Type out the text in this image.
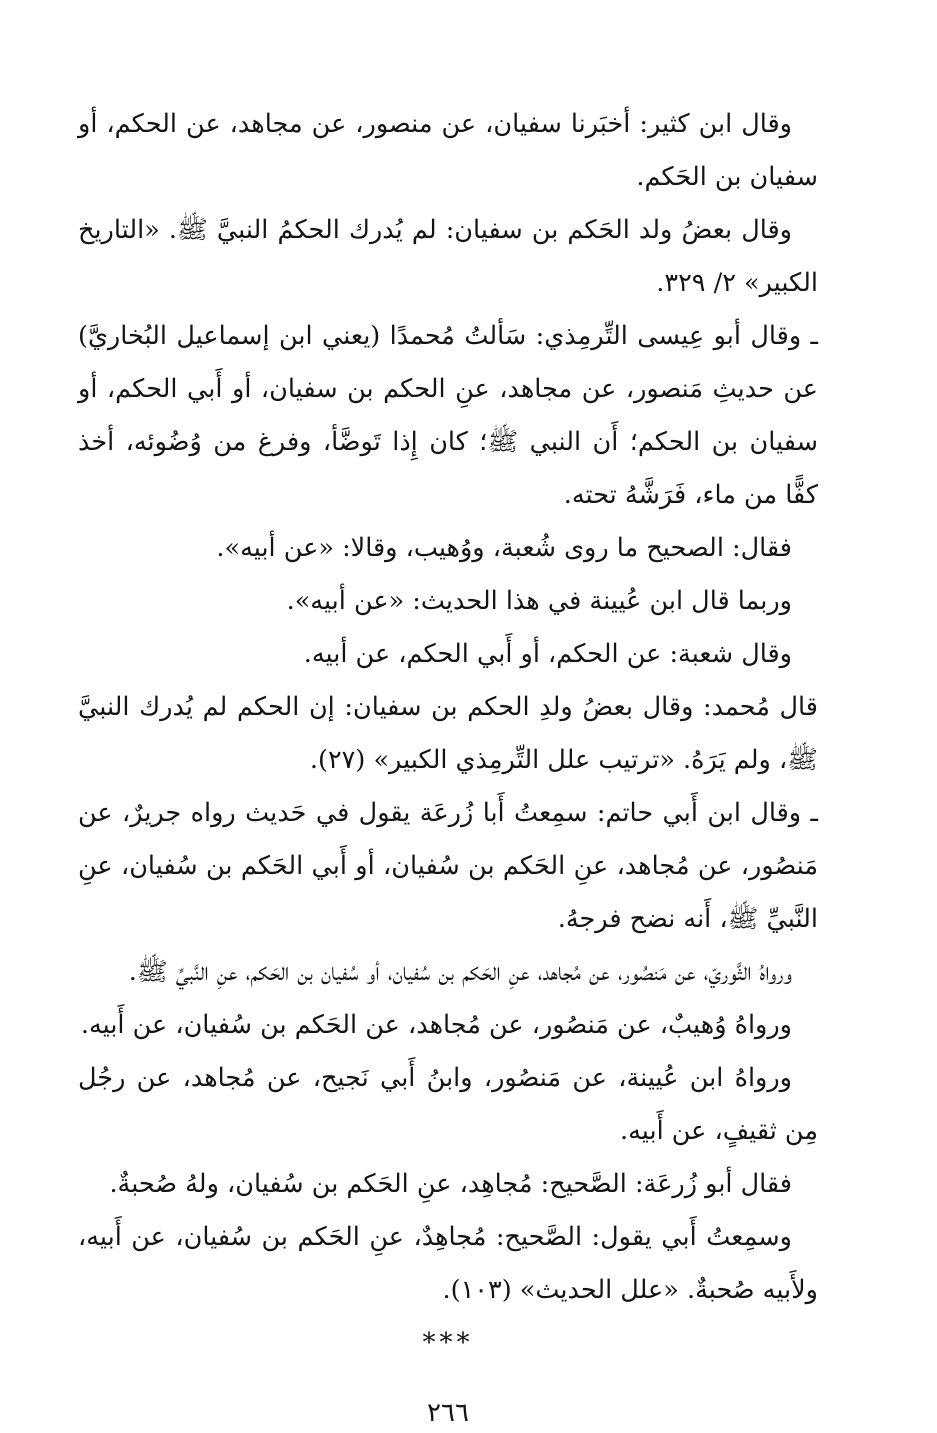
وقال ابن كثير: أخبَرنا سفيان، عن منصور، عن مجاهد، عن الحكم، أو سفيان بن الحَكم.

وقال بعضُ ولد الحَكم بن سفيان: لم يُدرك الحكمُ النبيَّ ﷺ. «التاريخ الكبير» ٢/ ٣٢٩.

ـ وقال أبو عِيسى التِّرمِذي: سَألتُ مُحمدًا (يعني ابن إسماعيل البُخاريَّ) عن حديثِ مَنصور، عن مجاهد، عنِ الحكم بن سفيان، أو أَبي الحكم، أو سفيان بن الحكم؛ أَن النبي ﷺ؛ كان إِذا تَوضَّأ، وفرغ من وُضُوئه، أخذ كفًّا من ماء، فَرَشَّهُ تحته.

فقال: الصحيح ما روى شُعبة، ووُهيب، وقالا: «عن أبيه».

وربما قال ابن عُيينة في هذا الحديث: «عن أبيه».

وقال شعبة: عن الحكم، أو أَبي الحكم، عن أبيه.

قال مُحمد: وقال بعضُ ولدِ الحكم بن سفيان: إن الحكم لم يُدرك النبيَّ ﷺ، ولم يَرَهُ. «ترتيب علل التِّرمِذي الكبير» (٢٧).

ـ وقال ابن أَبي حاتم: سمِعتُ أَبا زُرعَة يقول في حَديث رواه جريرٌ، عن مَنصُور، عن مُجاهد، عنِ الحَكم بن سُفيان، أو أَبي الحَكم بن سُفيان، عنِ النَّبيِّ ﷺ، أَنه نضح فرجهُ.

ورواهُ الثَّوريّ، عن مَنصُور، عن مُجاهد، عنِ الحَكم بن سُفيان، أو سُفيان بن الحَكم، عنِ النَّبيِّ ﷺ.

ورواهُ وُهيبٌ، عن مَنصُور، عن مُجاهد، عن الحَكم بن سُفيان، عن أَبيه.

ورواهُ ابن عُيينة، عن مَنصُور، وابنُ أَبي نَجيح، عن مُجاهد، عن رجُل مِن ثقيفٍ، عن أَبيه.

فقال أبو زُرعَة: الصَّحيح: مُجاهِد، عنِ الحَكم بن سُفيان، ولهُ صُحبةٌ.

وسمِعتُ أَبي يقول: الصَّحيح: مُجاهِدٌ، عنِ الحَكم بن سُفيان، عن أَبيه، ولأَبيه صُحبةٌ. «علل الحديث» (١٠٣).

***
٢٦٦
